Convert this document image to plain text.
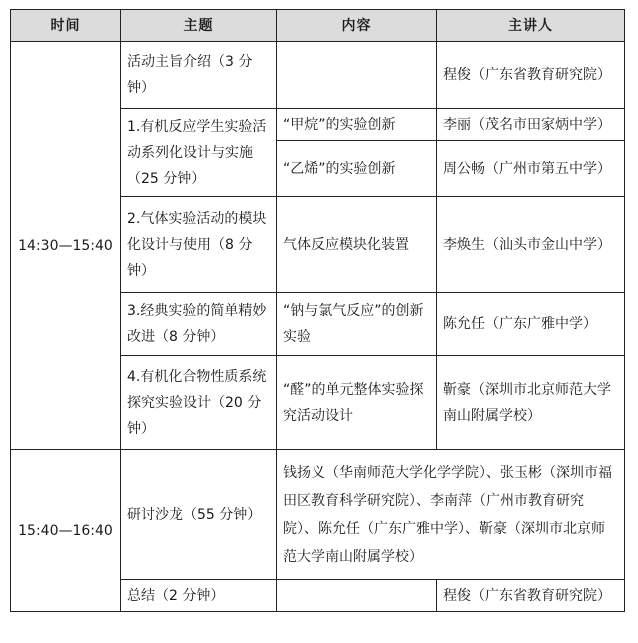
时间	主题	内容	主讲人
14:30—15:40	活动主旨介绍（3 分钟）		程俊（广东省教育研究院）
	1.有机反应学生实验活动系列化设计与实施（25 分钟）	“甲烷”的实验创新	李丽（茂名市田家炳中学）
		“乙烯”的实验创新	周公畅（广州市第五中学）
	2.气体实验活动的模块化设计与使用（8 分钟）	气体反应模块化装置	李焕生（汕头市金山中学）
	3.经典实验的简单精妙改进（8 分钟）	“钠与氯气反应”的创新实验	陈允任（广东广雅中学）
	4.有机化合物性质系统探究实验设计（20 分钟）	“醛”的单元整体实验探究活动设计	靳豪（深圳市北京师范大学南山附属学校）
15:40—16:40	研讨沙龙（55 分钟）	钱扬义（华南师范大学化学学院）、张玉彬（深圳市福田区教育科学研究院）、李南萍（广州市教育研究院）、陈允任（广东广雅中学）、靳豪（深圳市北京师范大学南山附属学校）	
	总结（2 分钟）		程俊（广东省教育研究院）
